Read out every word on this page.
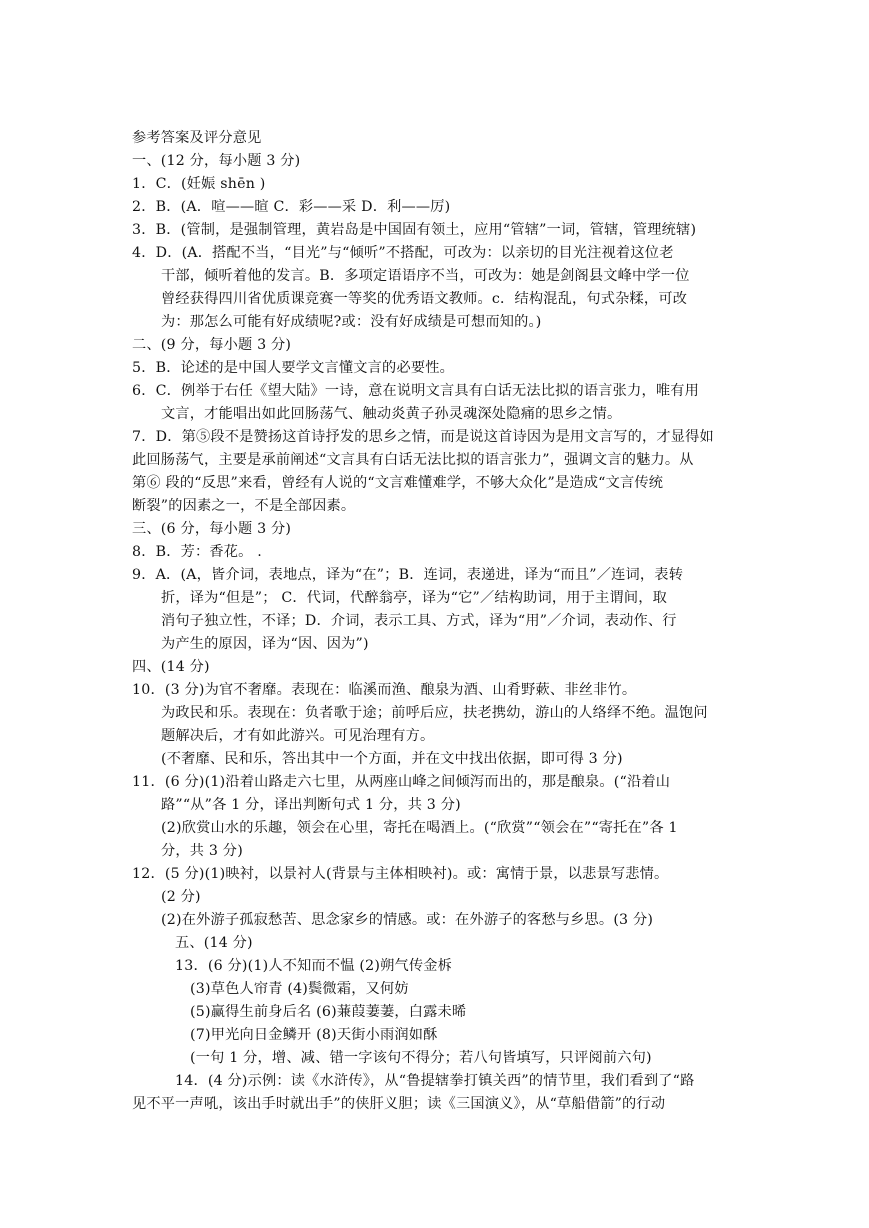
参考答案及评分意见
一、(12 分，每小题 3 分)
1．C．(妊娠 shēn )
2．B．(A．喧——暄 C．彩——采 D．利——厉)
3．B．(管制，是强制管理，黄岩岛是中国固有领土，应用“管辖”一词，管辖，管理统辖)
4．D．(A．搭配不当，“目光”与“倾听”不搭配，可改为：以亲切的目光注视着这位老
干部，倾听着他的发言。B．多项定语语序不当，可改为：她是剑阁县文峰中学一位
曾经获得四川省优质课竞赛一等奖的优秀语文教师。c．结构混乱，句式杂糅，可改
为：那怎么可能有好成绩呢?或：没有好成绩是可想而知的。)
二、(9 分，每小题 3 分)
5．B．论述的是中国人要学文言懂文言的必要性。
6．C．例举于右任《望大陆》一诗，意在说明文言具有白话无法比拟的语言张力，唯有用
文言，才能唱出如此回肠荡气、触动炎黄子孙灵魂深处隐痛的思乡之情。
7．D．第⑤段不是赞扬这首诗抒发的思乡之情，而是说这首诗因为是用文言写的，才显得如
此回肠荡气，主要是承前阐述“文言具有白话无法比拟的语言张力”，强调文言的魅力。从
第⑥ 段的“反思”来看，曾经有人说的“文言难懂难学，不够大众化”是造成“文言传统
断裂”的因素之一，不是全部因素。
三、(6 分，每小题 3 分)
8．B．芳：香花。 .
9．A．(A，皆介词，表地点，译为“在”；B．连词，表递进，译为“而且”／连词，表转
折，译为“但是”； C．代词，代醉翁亭，译为“它”／结构助词，用于主谓间，取
消句子独立性，不译；D．介词，表示工具、方式，译为“用”／介词，表动作、行
为产生的原因，译为“因、因为”)
四、(14 分)
10．(3 分)为官不奢靡。表现在：临溪而渔、酿泉为酒、山肴野蔌、非丝非竹。
为政民和乐。表现在：负者歌于途；前呼后应，扶老携幼，游山的人络绎不绝。温饱问
题解决后，才有如此游兴。可见治理有方。
(不奢靡、民和乐，答出其中一个方面，并在文中找出依据，即可得 3 分)
11．(6 分)(1)沿着山路走六七里，从两座山峰之间倾泻而出的，那是酿泉。(“沿着山
路”“从”各 1 分，译出判断句式 1 分，共 3 分)
(2)欣赏山水的乐趣，领会在心里，寄托在喝酒上。(“欣赏”“领会在”“寄托在”各 1
分，共 3 分)
12．(5 分)(1)映衬，以景衬人(背景与主体相映衬)。或：寓情于景，以悲景写悲情。
(2 分)
(2)在外游子孤寂愁苦、思念家乡的情感。或：在外游子的客愁与乡思。(3 分)
五、(14 分)
13．(6 分)(1)人不知而不愠 (2)朔气传金柝
(3)草色人帘青 (4)鬓微霜，又何妨
(5)赢得生前身后名 (6)蒹葭萋萋，白露未晞
(7)甲光向日金鳞开 (8)天街小雨润如酥
(一句 1 分，增、减、错一字该句不得分；若八句皆填写，只评阅前六句)
14．(4 分)示例：读《水浒传》，从“鲁提辖拳打镇关西”的情节里，我们看到了“路
见不平一声吼，该出手时就出手”的侠肝义胆；读《三国演义》，从“草船借箭”的行动
